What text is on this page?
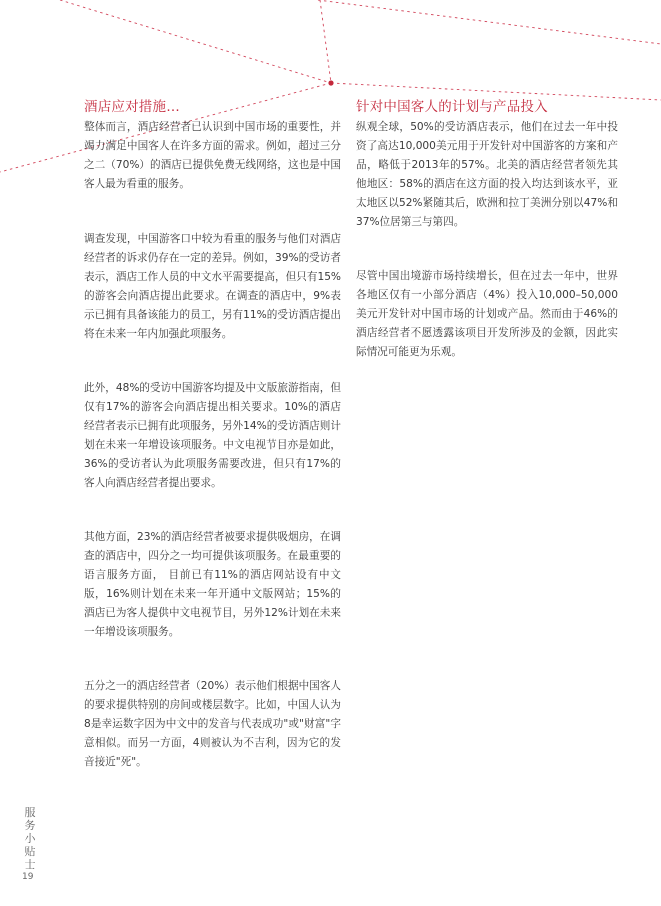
酒店应对措施…

整体而言，酒店经营者已认识到中国市场的重要性，并竭力满足中国客人在许多方面的需求。例如，超过三分之二（70%）的酒店已提供免费无线网络，这也是中国客人最为看重的服务。

调查发现，中国游客口中较为看重的服务与他们对酒店经营者的诉求仍存在一定的差异。例如，39%的受访者表示，酒店工作人员的中文水平需要提高，但只有15%的游客会向酒店提出此要求。在调查的酒店中，9%表示已拥有具备该能力的员工，另有11%的受访酒店提出将在未来一年内加强此项服务。

此外，48%的受访中国游客均提及中文版旅游指南，但仅有17%的游客会向酒店提出相关要求。10%的酒店经营者表示已拥有此项服务，另外14%的受访酒店则计划在未来一年增设该项服务。中文电视节目亦是如此，36%的受访者认为此项服务需要改进，但只有17%的客人向酒店经营者提出要求。

其他方面，23%的酒店经营者被要求提供吸烟房，在调查的酒店中，四分之一均可提供该项服务。在最重要的语言服务方面， 目前已有11%的酒店网站设有中文版，16%则计划在未来一年开通中文版网站；15%的酒店已为客人提供中文电视节目，另外12%计划在未来一年增设该项服务。

五分之一的酒店经营者（20%）表示他们根据中国客人的要求提供特别的房间或楼层数字。比如，中国人认为8是幸运数字因为中文中的发音与代表成功"或"财富"字意相似。而另一方面，4则被认为不吉利，因为它的发音接近"死"。

针对中国客人的计划与产品投入

纵观全球，50%的受访酒店表示，他们在过去一年中投资了高达10,000美元用于开发针对中国游客的方案和产品，略低于2013年的57%。北美的酒店经营者领先其他地区：58%的酒店在这方面的投入均达到该水平，亚太地区以52%紧随其后，欧洲和拉丁美洲分别以47%和37%位居第三与第四。

尽管中国出境游市场持续增长，但在过去一年中，世界各地区仅有一小部分酒店（4%）投入10,000–50,000美元开发针对中国市场的计划或产品。然而由于46%的酒店经营者不愿透露该项目开发所涉及的金额，因此实际情况可能更为乐观。

服务小贴士
19
